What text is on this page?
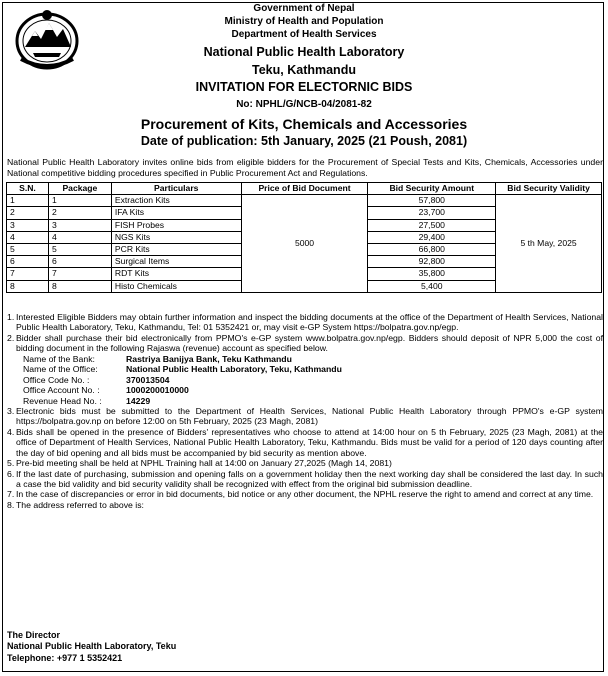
Government of Nepal
Ministry of Health and Population
Department of Health Services
National Public Health Laboratory
Teku, Kathmandu
INVITATION FOR ELECTORNIC BIDS
No: NPHL/G/NCB-04/2081-82
Procurement of Kits, Chemicals and Accessories
Date of publication: 5th January, 2025 (21 Poush, 2081)
National Public Health Laboratory invites online bids from eligible bidders for the Procurement of Special Tests and Kits, Chemicals, Accessories under National competitive bidding procedures specified in Public Procurement Act and Regulations.
S.N.	Package	Particulars	Price of Bid Document	Bid Security Amount	Bid Security Validity
1	1	Extraction Kits	5000	57,800	5 th May, 2025
2	2	IFA Kits		23,700	
3	3	FISH Probes		27,500	
4	4	NGS Kits		29,400	
5	5	PCR Kits		66,800	
6	6	Surgical Items		92,800	
7	7	RDT Kits		35,800	
8	8	Histo Chemicals		5,400	
1. Interested Eligible Bidders may obtain further information and inspect the bidding documents at the office of the Department of Health Services, National Public Health Laboratory, Teku, Kathmandu, Tel: 01 5352421 or, may visit e-GP System https://bolpatra.gov.np/egp.
2. Bidder shall purchase their bid electronically from PPMO's e-GP system www.bolpatra.gov.np/egp. Bidders should deposit of NPR 5,000 the cost of bidding document in the following Rajaswa (revenue) account as specified below.
Name of the Bank:	Rastriya Banijya Bank, Teku Kathmandu
Name of the Office:	National Public Health Laboratory, Teku, Kathmandu
Office Code No. :	370013504
Office Account No. :	1000200010000
Revenue Head No. :	14229
3. Electronic bids must be submitted to the Department of Health Services, National Public Health Laboratory through PPMO's e-GP system https://bolpatra.gov.np on before 12:00 on 5th February, 2025 (23 Magh, 2081)
4. Bids shall be opened in the presence of Bidders' representatives who choose to attend at 14:00 hour on 5 th February, 2025 (23 Magh, 2081) at the office of Department of Health Services, National Public Health Laboratory, Teku, Kathmandu. Bids must be valid for a period of 120 days counting after the day of bid opening and all bids must be accompanied by bid security as mention above.
5. Pre-bid meeting shall be held at NPHL Training hall at 14:00 on January 27,2025 (Magh 14, 2081)
6. If the last date of purchasing, submission and opening falls on a government holiday then the next working day shall be considered the last day. In such a case the bid validity and bid security validity shall be recognized with effect from the original bid submission deadline.
7. In the case of discrepancies or error in bid documents, bid notice or any other document, the NPHL reserve the right to amend and correct at any time.
8. The address referred to above is:
The Director
National Public Health Laboratory, Teku
Telephone: +977 1 5352421
